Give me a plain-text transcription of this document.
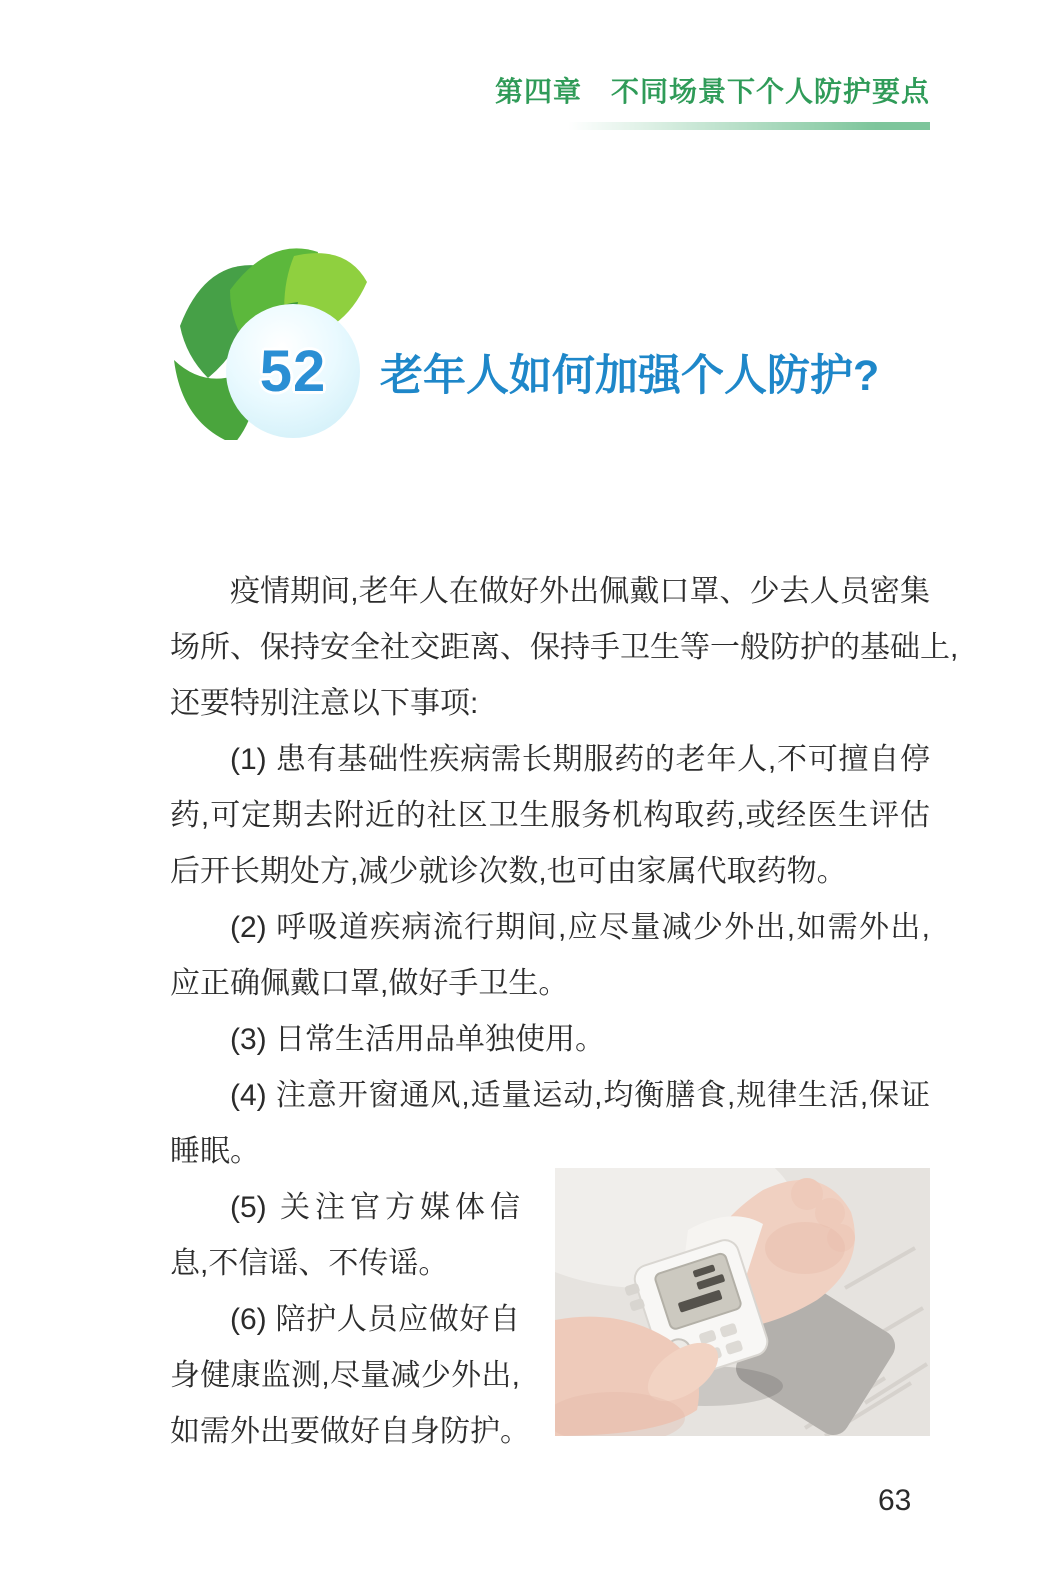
第四章　不同场景下个人防护要点
52 老年人如何加强个人防护?
疫情期间,老年人在做好外出佩戴口罩、少去人员密集
场所、保持安全社交距离、保持手卫生等一般防护的基础上,
还要特别注意以下事项:
(1) 患有基础性疾病需长期服药的老年人,不可擅自停
药,可定期去附近的社区卫生服务机构取药,或经医生评估
后开长期处方,减少就诊次数,也可由家属代取药物。
(2) 呼吸道疾病流行期间,应尽量减少外出,如需外出,
应正确佩戴口罩,做好手卫生。
(3) 日常生活用品单独使用。
(4) 注意开窗通风,适量运动,均衡膳食,规律生活,保证
睡眠。
(5) 关注官方媒体信
息,不信谣、不传谣。
(6) 陪护人员应做好自
身健康监测,尽量减少外出,
如需外出要做好自身防护。
63
